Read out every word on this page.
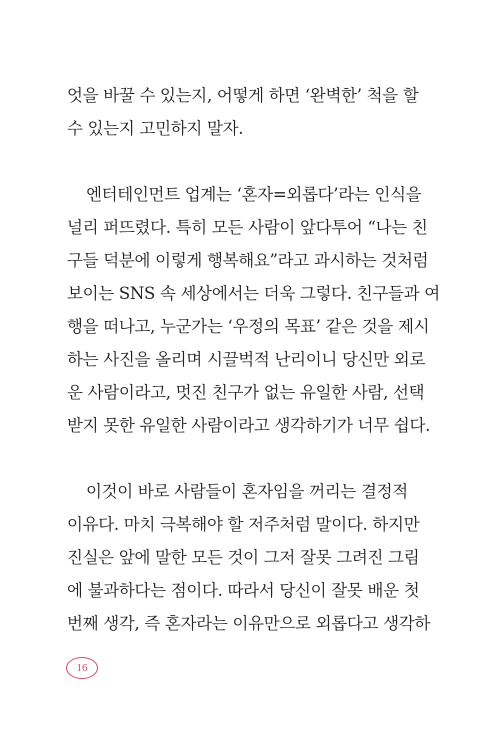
엇을 바꿀 수 있는지, 어떻게 하면 ‘완벽한’ 척을 할
수 있는지 고민하지 말자.
엔터테인먼트 업계는 ‘혼자=외롭다’라는 인식을
널리 퍼뜨렸다. 특히 모든 사람이 앞다투어 “나는 친
구들 덕분에 이렇게 행복해요”라고 과시하는 것처럼
보이는 SNS 속 세상에서는 더욱 그렇다. 친구들과 여
행을 떠나고, 누군가는 ‘우정의 목표’ 같은 것을 제시
하는 사진을 올리며 시끌벅적 난리이니 당신만 외로
운 사람이라고, 멋진 친구가 없는 유일한 사람, 선택
받지 못한 유일한 사람이라고 생각하기가 너무 쉽다.
이것이 바로 사람들이 혼자임을 꺼리는 결정적
이유다. 마치 극복해야 할 저주처럼 말이다. 하지만
진실은 앞에 말한 모든 것이 그저 잘못 그려진 그림
에 불과하다는 점이다. 따라서 당신이 잘못 배운 첫
번째 생각, 즉 혼자라는 이유만으로 외롭다고 생각하
16
